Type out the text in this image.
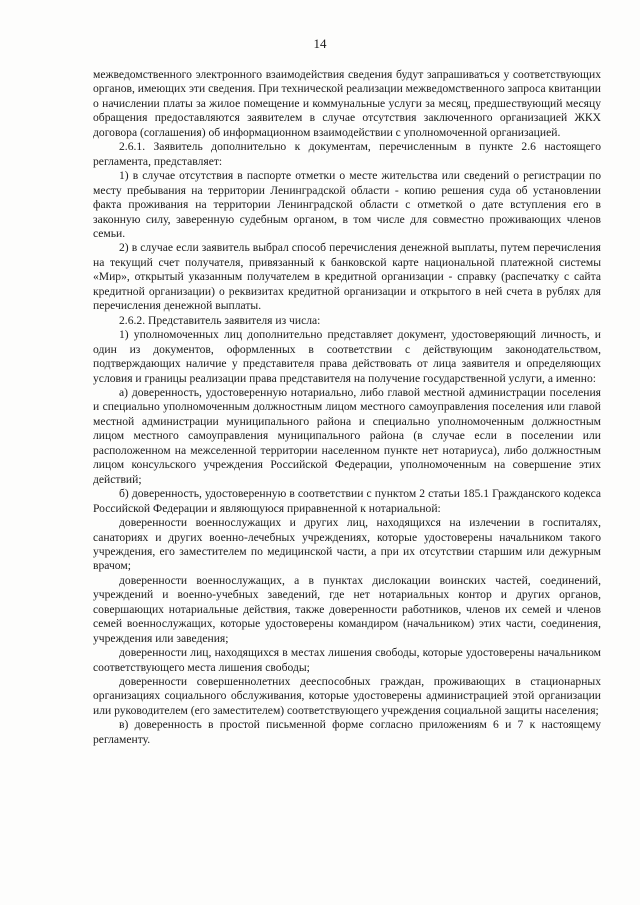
14

межведомственного электронного взаимодействия сведения будут запрашиваться у соответствующих органов, имеющих эти сведения. При технической реализации межведомственного запроса квитанции о начислении платы за жилое помещение и коммунальные услуги за месяц, предшествующий месяцу обращения предоставляются заявителем в случае отсутствия заключенного организацией ЖКХ договора (соглашения) об информационном взаимодействии с уполномоченной организацией.

2.6.1. Заявитель дополнительно к документам, перечисленным в пункте 2.6 настоящего регламента, представляет:

1) в случае отсутствия в паспорте отметки о месте жительства или сведений о регистрации по месту пребывания на территории Ленинградской области - копию решения суда об установлении факта проживания на территории Ленинградской области с отметкой о дате вступления его в законную силу, заверенную судебным органом, в том числе для совместно проживающих членов семьи.

2) в случае если заявитель выбрал способ перечисления денежной выплаты, путем перечисления на текущий счет получателя, привязанный к банковской карте национальной платежной системы «Мир», открытый указанным получателем в кредитной организации - справку (распечатку с сайта кредитной организации) о реквизитах кредитной организации и открытого в ней счета в рублях для перечисления денежной выплаты.

2.6.2. Представитель заявителя из числа:

1) уполномоченных лиц дополнительно представляет документ, удостоверяющий личность, и один из документов, оформленных в соответствии с действующим законодательством, подтверждающих наличие у представителя права действовать от лица заявителя и определяющих условия и границы реализации права представителя на получение государственной услуги, а именно:

а) доверенность, удостоверенную нотариально, либо главой местной администрации поселения и специально уполномоченным должностным лицом местного самоуправления поселения или главой местной администрации муниципального района и специально уполномоченным должностным лицом местного самоуправления муниципального района (в случае если в поселении или расположенном на межселенной территории населенном пункте нет нотариуса), либо должностным лицом консульского учреждения Российской Федерации, уполномоченным на совершение этих действий;

б) доверенность, удостоверенную в соответствии с пунктом 2 статьи 185.1 Гражданского кодекса Российской Федерации и являющуюся приравненной к нотариальной:

доверенности военнослужащих и других лиц, находящихся на излечении в госпиталях, санаториях и других военно-лечебных учреждениях, которые удостоверены начальником такого учреждения, его заместителем по медицинской части, а при их отсутствии старшим или дежурным врачом;

доверенности военнослужащих, а в пунктах дислокации воинских частей, соединений, учреждений и военно-учебных заведений, где нет нотариальных контор и других органов, совершающих нотариальные действия, также доверенности работников, членов их семей и членов семей военнослужащих, которые удостоверены командиром (начальником) этих части, соединения, учреждения или заведения;

доверенности лиц, находящихся в местах лишения свободы, которые удостоверены начальником соответствующего места лишения свободы;

доверенности совершеннолетних дееспособных граждан, проживающих в стационарных организациях социального обслуживания, которые удостоверены администрацией этой организации или руководителем (его заместителем) соответствующего учреждения социальной защиты населения;

в) доверенность в простой письменной форме согласно приложениям 6 и 7 к настоящему регламенту.
